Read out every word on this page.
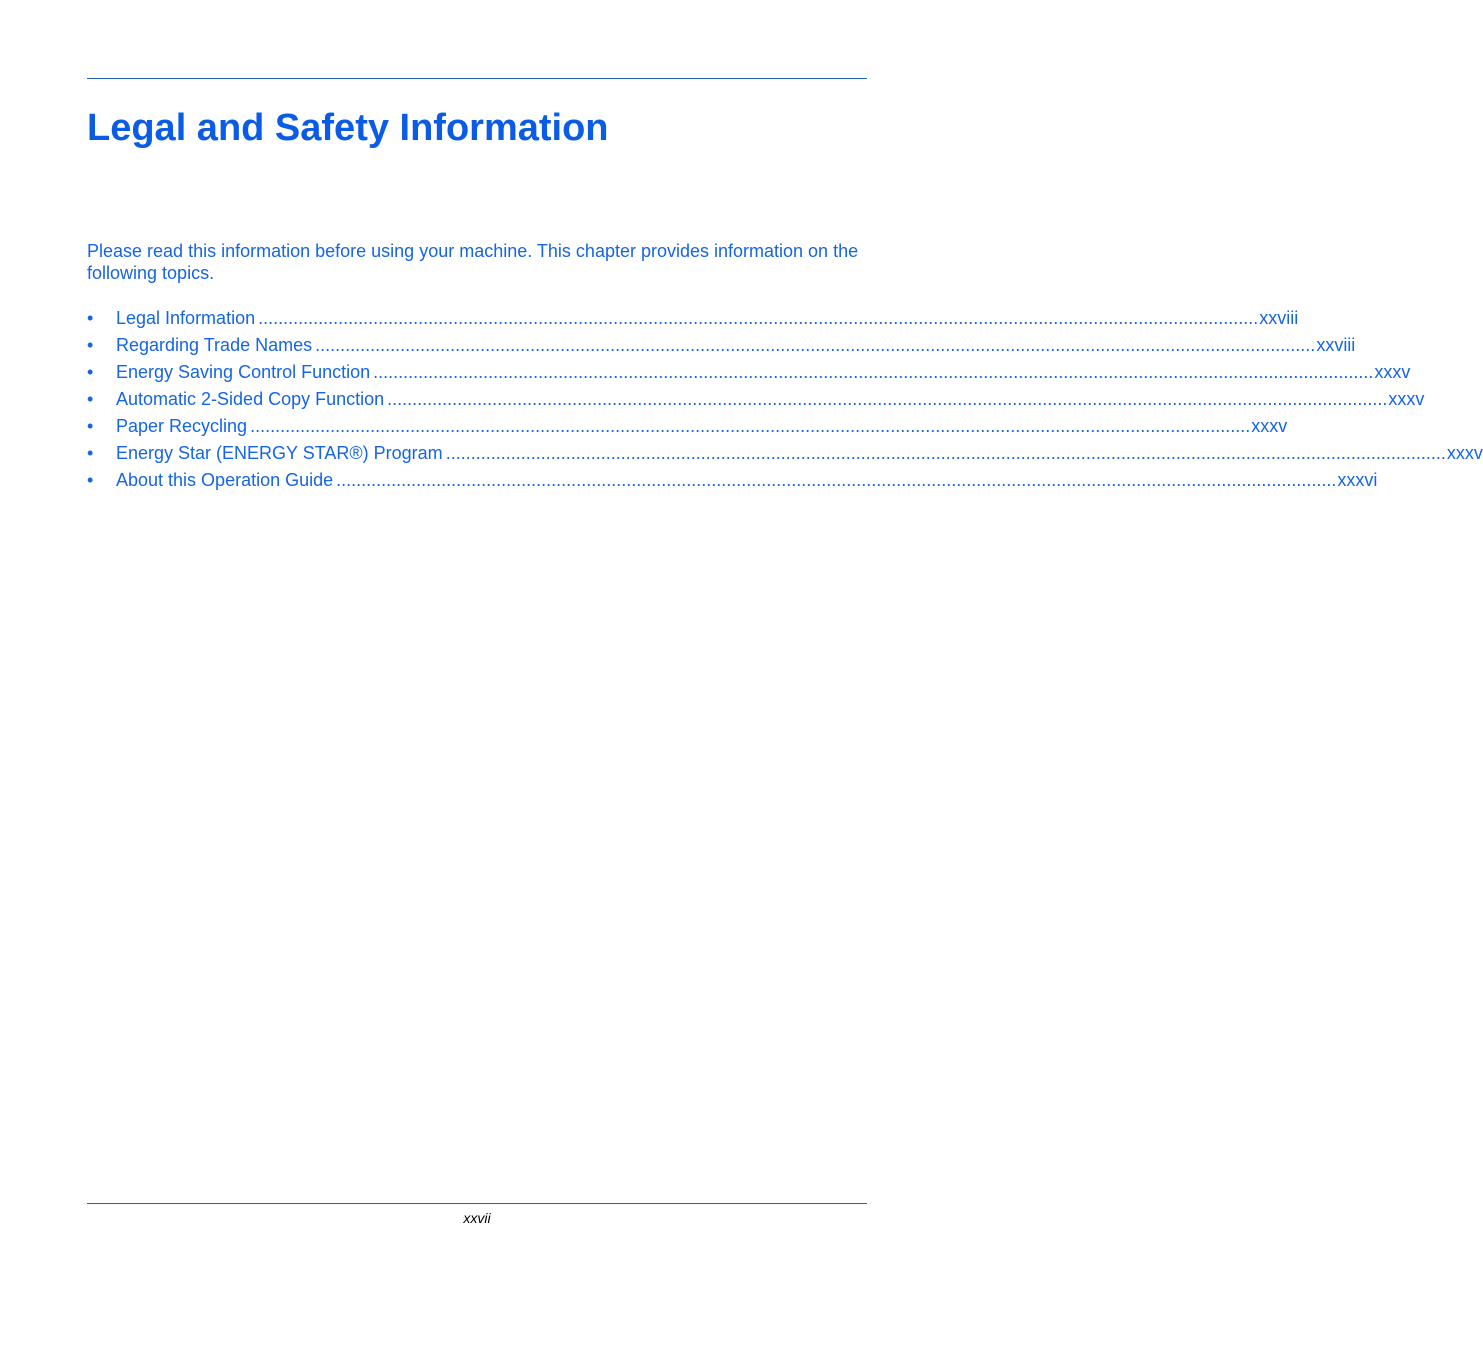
Legal and Safety Information

Please read this information before using your machine. This chapter provides information on the following topics.

•	Legal Information ........................................................................................................................................................................................................ xxviii
•	Regarding Trade Names ........................................................................................................................................................................................................ xxviii
•	Energy Saving Control Function ........................................................................................................................................................................................................ xxxv
•	Automatic 2-Sided Copy Function ........................................................................................................................................................................................................ xxxv
•	Paper Recycling ........................................................................................................................................................................................................ xxxv
•	Energy Star (ENERGY STAR®) Program ........................................................................................................................................................................................................ xxxv
•	About this Operation Guide ........................................................................................................................................................................................................ xxxvi
xxvii
